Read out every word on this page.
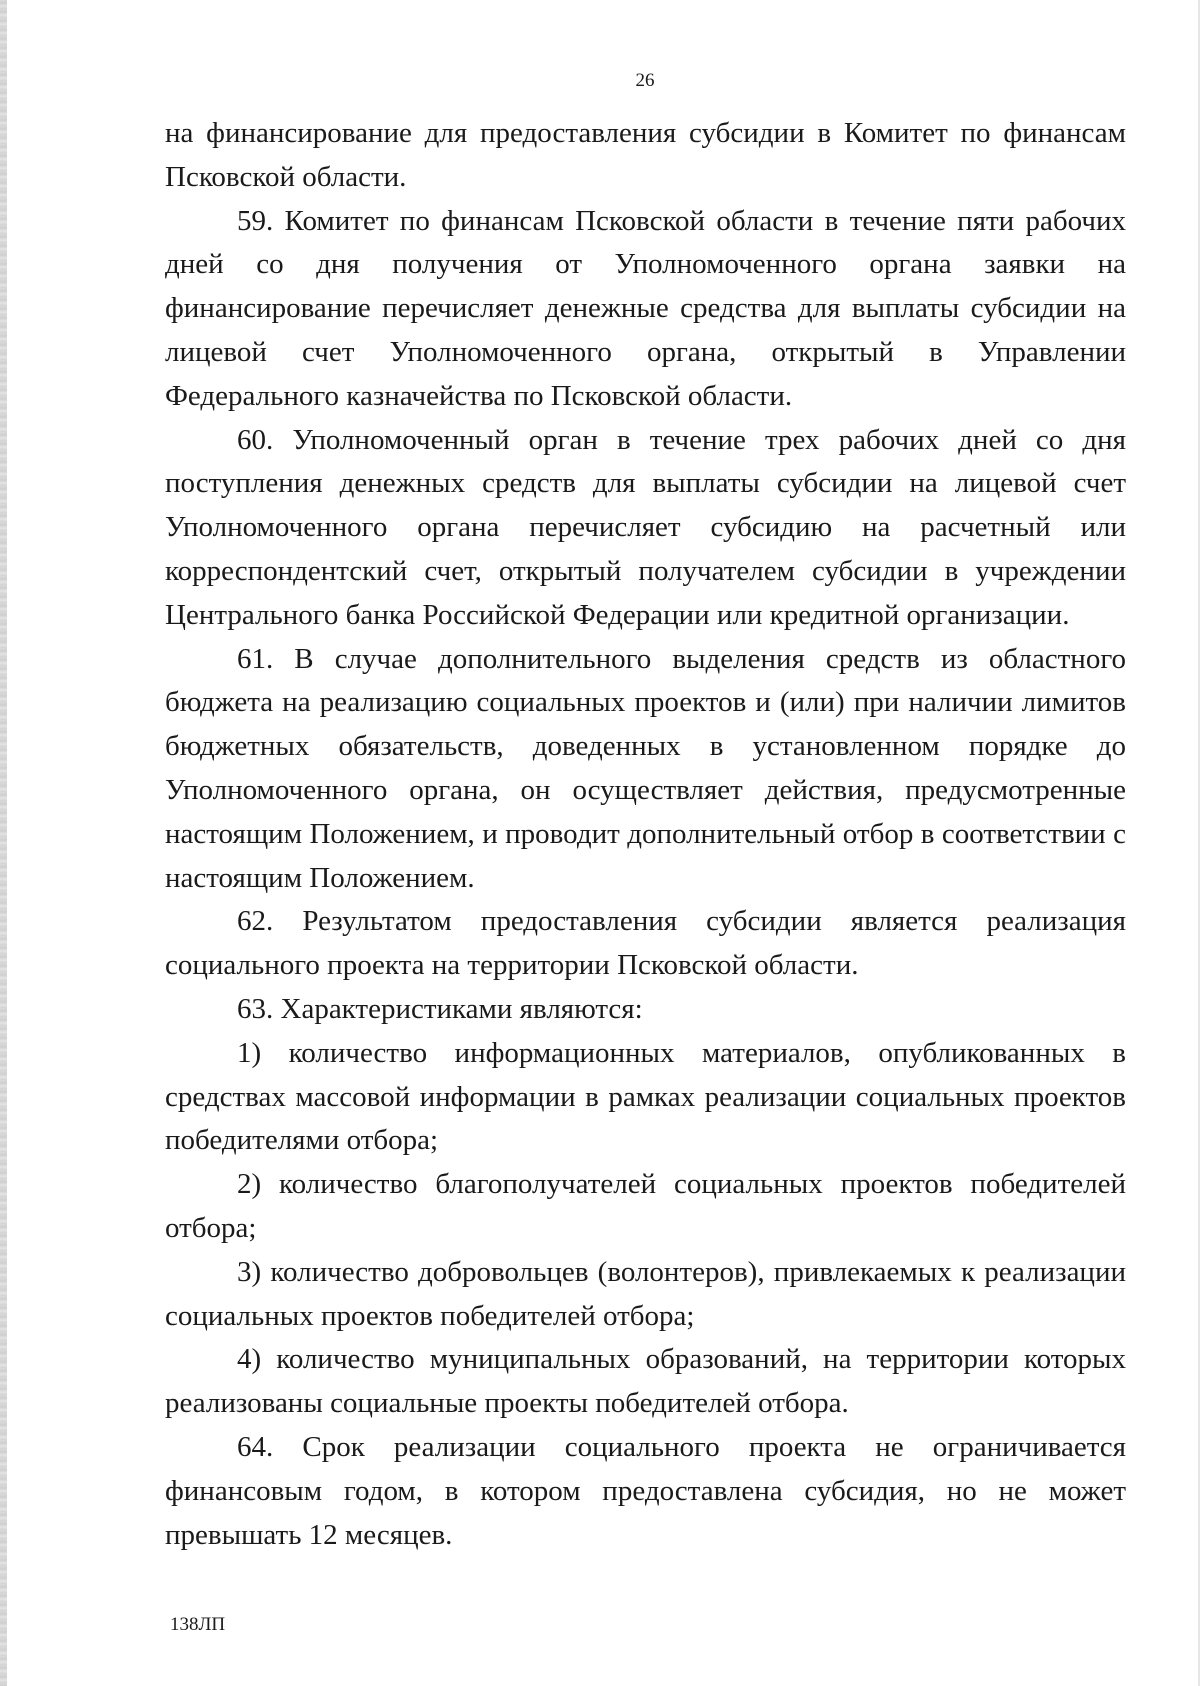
26

на финансирование для предоставления субсидии в Комитет по финансам Псковской области.

59. Комитет по финансам Псковской области в течение пяти рабочих дней со дня получения от Уполномоченного органа заявки на финансирование перечисляет денежные средства для выплаты субсидии на лицевой счет Уполномоченного органа, открытый в Управлении Федерального казначейства по Псковской области.

60. Уполномоченный орган в течение трех рабочих дней со дня поступления денежных средств для выплаты субсидии на лицевой счет Уполномоченного органа перечисляет субсидию на расчетный или корреспондентский счет, открытый получателем субсидии в учреждении Центрального банка Российской Федерации или кредитной организации.

61. В случае дополнительного выделения средств из областного бюджета на реализацию социальных проектов и (или) при наличии лимитов бюджетных обязательств, доведенных в установленном порядке до Уполномоченного органа, он осуществляет действия, предусмотренные настоящим Положением, и проводит дополнительный отбор в соответствии с настоящим Положением.

62. Результатом предоставления субсидии является реализация социального проекта на территории Псковской области.

63. Характеристиками являются:

1) количество информационных материалов, опубликованных в средствах массовой информации в рамках реализации социальных проектов победителями отбора;

2) количество благополучателей социальных проектов победителей отбора;

3) количество добровольцев (волонтеров), привлекаемых к реализации социальных проектов победителей отбора;

4) количество муниципальных образований, на территории которых реализованы социальные проекты победителей отбора.

64. Срок реализации социального проекта не ограничивается финансовым годом, в котором предоставлена субсидия, но не может превышать 12 месяцев.

138ЛП
